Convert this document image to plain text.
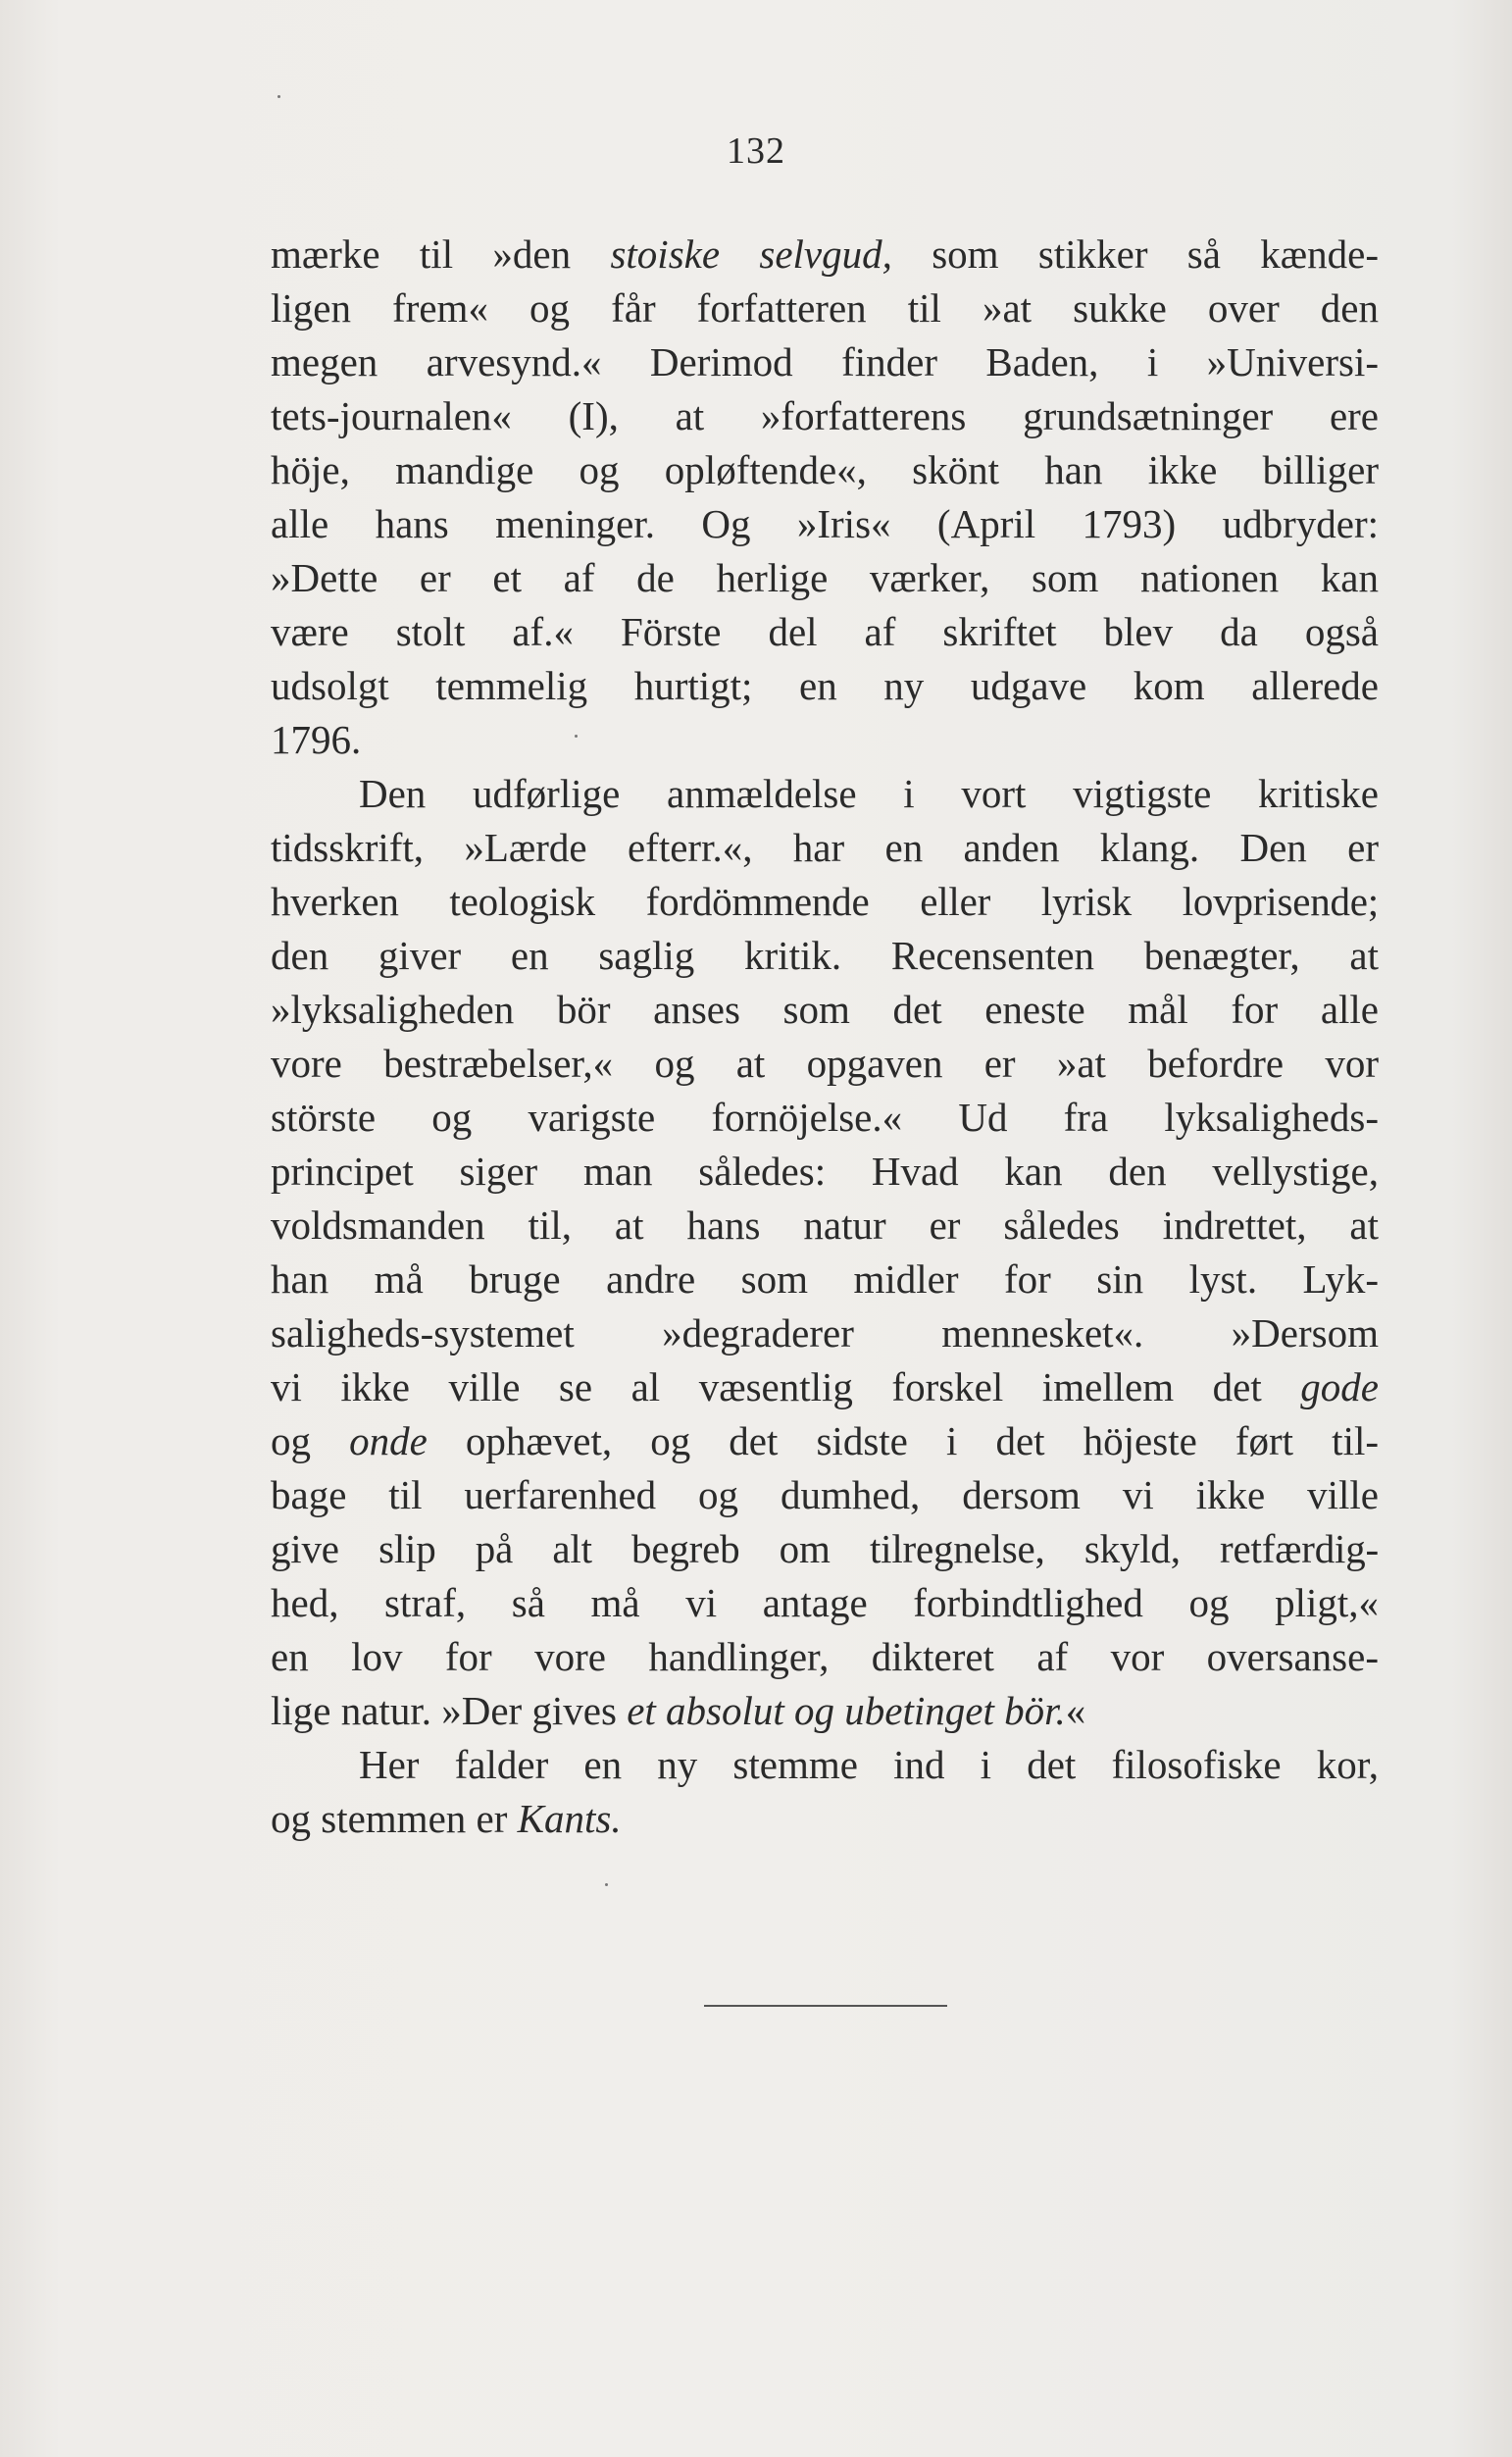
132
mærke til »den stoiske selvgud, som stikker så kænde-
ligen frem« og får forfatteren til »at sukke over den
megen arvesynd.« Derimod finder Baden, i »Universi-
tets-journalen« (I), at »forfatterens grundsætninger ere
höje, mandige og opløftende«, skönt han ikke billiger
alle hans meninger. Og »Iris« (April 1793) udbryder:
»Dette er et af de herlige værker, som nationen kan
være stolt af.« Förste del af skriftet blev da også
udsolgt temmelig hurtigt; en ny udgave kom allerede
1796.
Den udførlige anmældelse i vort vigtigste kritiske
tidsskrift, »Lærde efterr.«, har en anden klang. Den er
hverken teologisk fordömmende eller lyrisk lovprisende;
den giver en saglig kritik. Recensenten benægter, at
»lyksaligheden bör anses som det eneste mål for alle
vore bestræbelser,« og at opgaven er »at befordre vor
störste og varigste fornöjelse.« Ud fra lyksaligheds-
principet siger man således: Hvad kan den vellystige,
voldsmanden til, at hans natur er således indrettet, at
han må bruge andre som midler for sin lyst. Lyk-
saligheds-systemet »degraderer mennesket«. »Dersom
vi ikke ville se al væsentlig forskel imellem det gode
og onde ophævet, og det sidste i det höjeste ført til-
bage til uerfarenhed og dumhed, dersom vi ikke ville
give slip på alt begreb om tilregnelse, skyld, retfærdig-
hed, straf, så må vi antage forbindtlighed og pligt,«
en lov for vore handlinger, dikteret af vor oversanse-
lige natur. »Der gives et absolut og ubetinget bör.«
Her falder en ny stemme ind i det filosofiske kor,
og stemmen er Kants.
